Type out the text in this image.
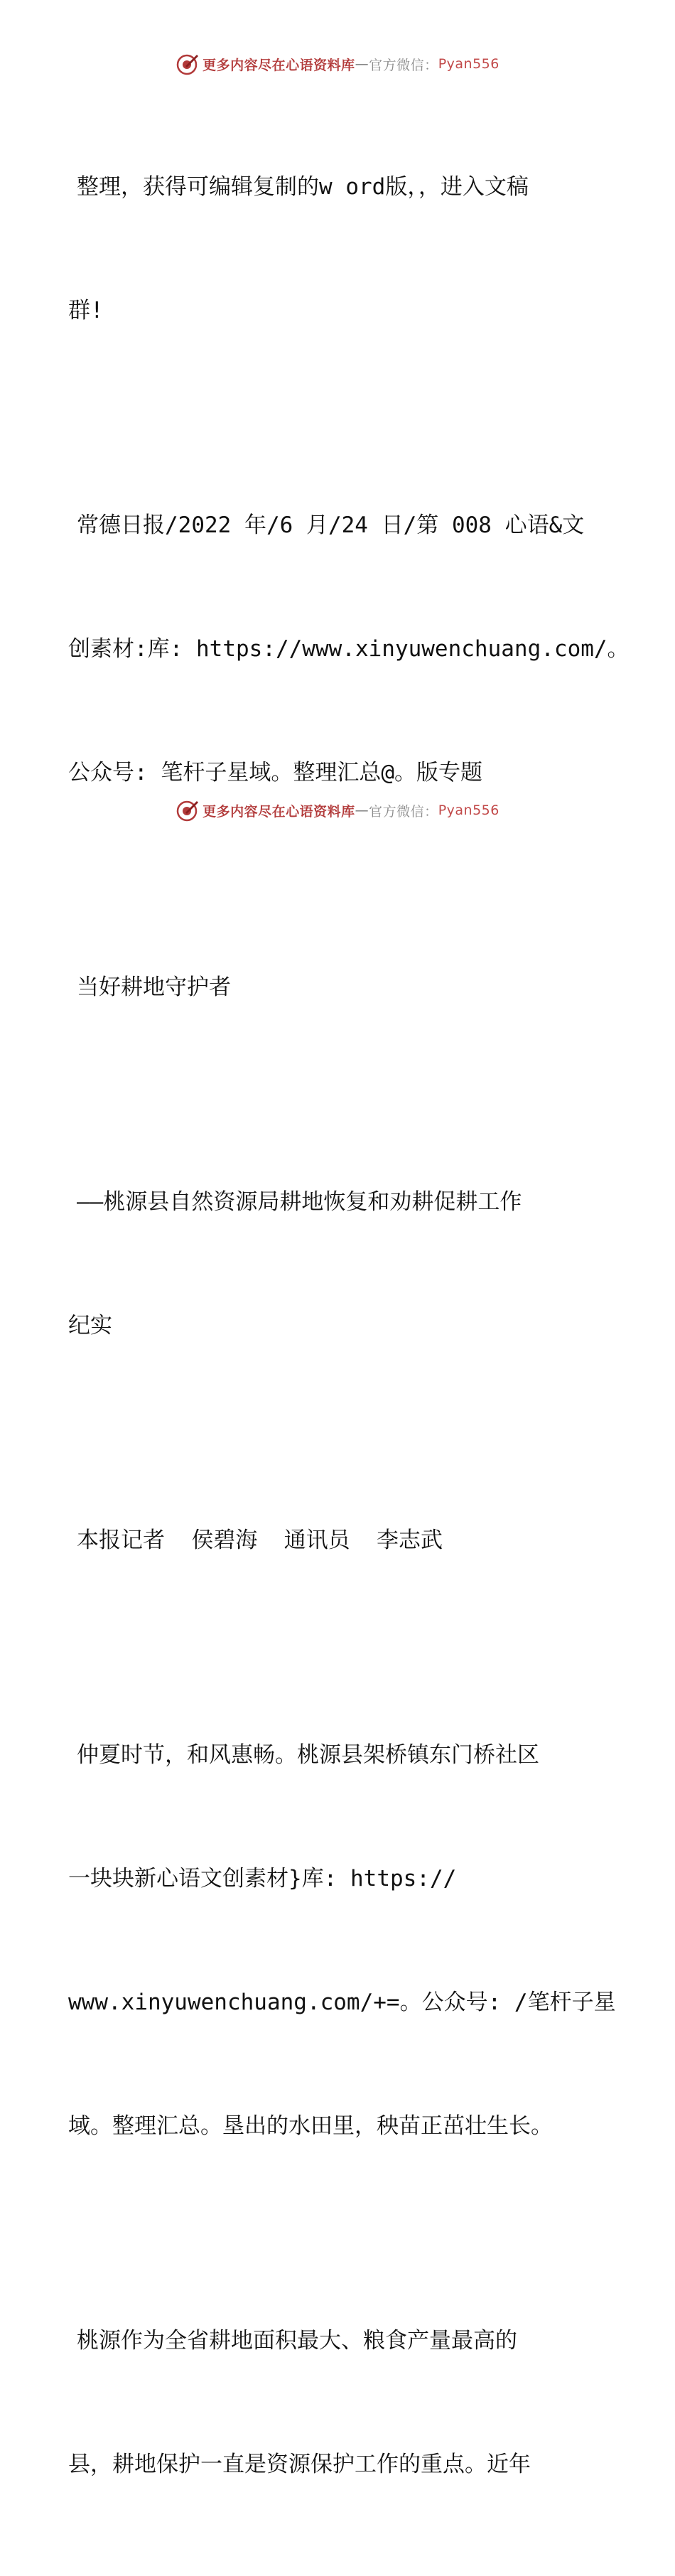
更多内容尽在心语资料库 — 官方微信： Pyan556

整理，获得可编辑复制的w ord版，，进入文稿

群!

常德日报/2022 年/6 月/24 日/第 008 心语&文

创素材:库: https://www.xinyuwenchuang.com/。

公众号: 笔杆子星域。整理汇总@。版专题

当好耕地守护者

——桃源县自然资源局耕地恢复和劝耕促耕工作

纪实

本报记者  侯碧海  通讯员  李志武

仲夏时节，和风惠畅。桃源县架桥镇东门桥社区

一块块新心语文创素材}库: https://

www.xinyuwenchuang.com/+=。公众号: /笔杆子星

域。整理汇总。垦出的水田里，秧苗正茁壮生长。

桃源作为全省耕地面积最大、粮食产量最高的

县，耕地保护一直是资源保护工作的重点。近年

更多内容尽在心语资料库 — 官方微信： Pyan556
